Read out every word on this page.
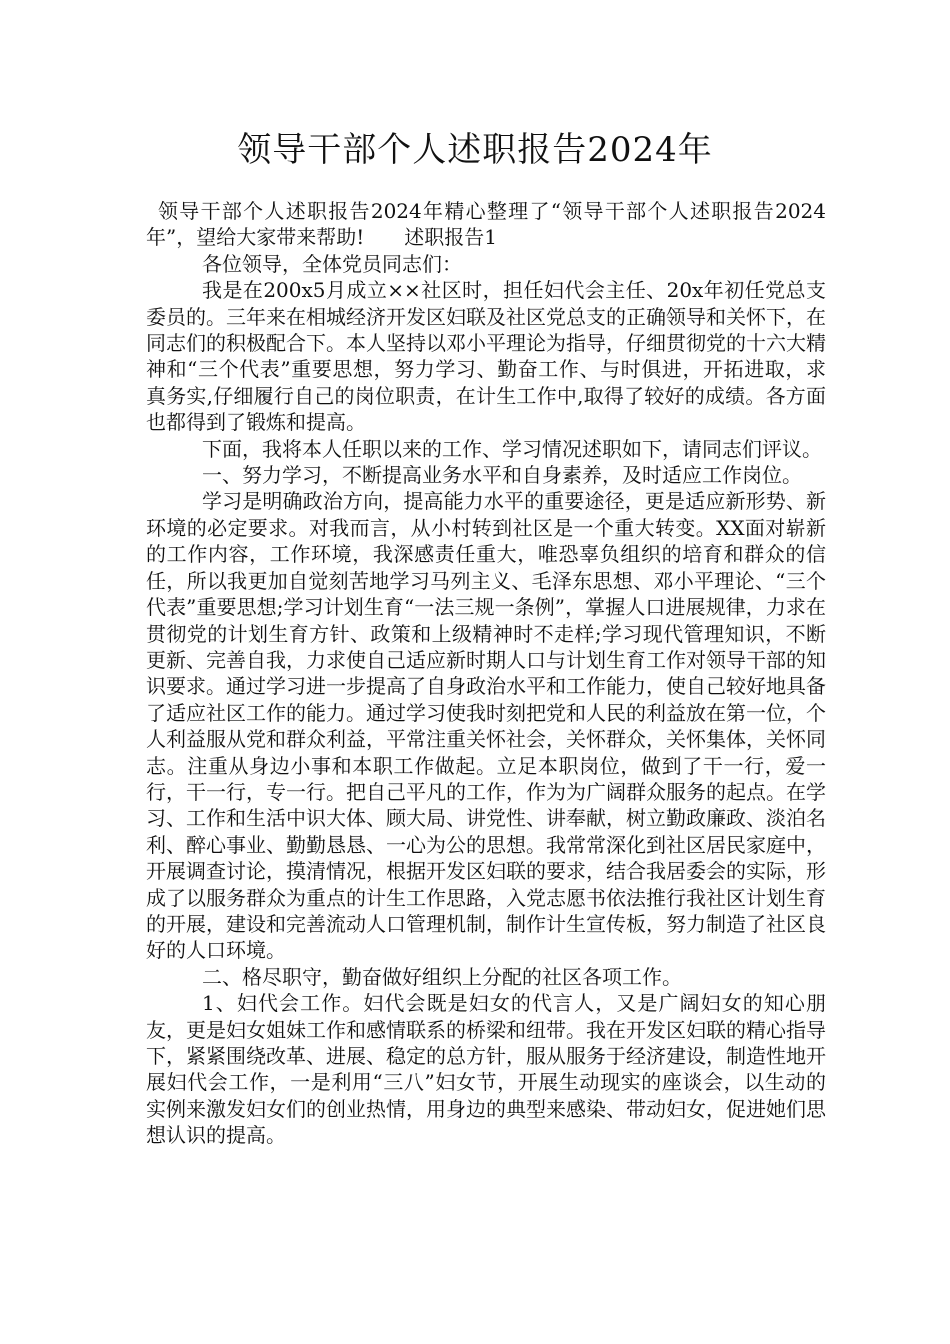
领导干部个人述职报告2024年

领导干部个人述职报告2024年精心整理了“领导干部个人述职报告2024年”，望给大家带来帮助! 述职报告1

各位领导，全体党员同志们：

我是在200x5月成立××社区时，担任妇代会主任、20x年初任党总支委员的。三年来在相城经济开发区妇联及社区党总支的正确领导和关怀下，在同志们的积极配合下。本人坚持以邓小平理论为指导，仔细贯彻党的十六大精神和“三个代表”重要思想，努力学习、勤奋工作、与时俱进，开拓进取，求真务实,仔细履行自己的岗位职责，在计生工作中,取得了较好的成绩。各方面也都得到了锻炼和提高。

下面，我将本人任职以来的工作、学习情况述职如下，请同志们评议。

一、努力学习，不断提高业务水平和自身素养，及时适应工作岗位。

学习是明确政治方向，提高能力水平的重要途径，更是适应新形势、新环境的必定要求。对我而言，从小村转到社区是一个重大转变。XX面对崭新的工作内容，工作环境，我深感责任重大，唯恐辜负组织的培育和群众的信任，所以我更加自觉刻苦地学习马列主义、毛泽东思想、邓小平理论、“三个代表”重要思想;学习计划生育“一法三规一条例”，掌握人口进展规律，力求在贯彻党的计划生育方针、政策和上级精神时不走样;学习现代管理知识，不断更新、完善自我，力求使自己适应新时期人口与计划生育工作对领导干部的知识要求。通过学习进一步提高了自身政治水平和工作能力，使自己较好地具备了适应社区工作的能力。通过学习使我时刻把党和人民的利益放在第一位，个人利益服从党和群众利益，平常注重关怀社会，关怀群众，关怀集体，关怀同志。注重从身边小事和本职工作做起。立足本职岗位，做到了干一行，爱一行，干一行，专一行。把自己平凡的工作，作为为广阔群众服务的起点。在学习、工作和生活中识大体、顾大局、讲党性、讲奉献，树立勤政廉政、淡泊名利、醉心事业、勤勤恳恳、一心为公的思想。我常常深化到社区居民家庭中，开展调查讨论，摸清情况，根据开发区妇联的要求，结合我居委会的实际，形成了以服务群众为重点的计生工作思路，入党志愿书依法推行我社区计划生育的开展，建设和完善流动人口管理机制，制作计生宣传板，努力制造了社区良好的人口环境。

二、格尽职守，勤奋做好组织上分配的社区各项工作。

1、妇代会工作。妇代会既是妇女的代言人，又是广阔妇女的知心朋友，更是妇女姐妹工作和感情联系的桥梁和纽带。我在开发区妇联的精心指导下，紧紧围绕改革、进展、稳定的总方针，服从服务于经济建设，制造性地开展妇代会工作，一是利用“三八”妇女节，开展生动现实的座谈会，以生动的实例来激发妇女们的创业热情，用身边的典型来感染、带动妇女，促进她们思想认识的提高。
